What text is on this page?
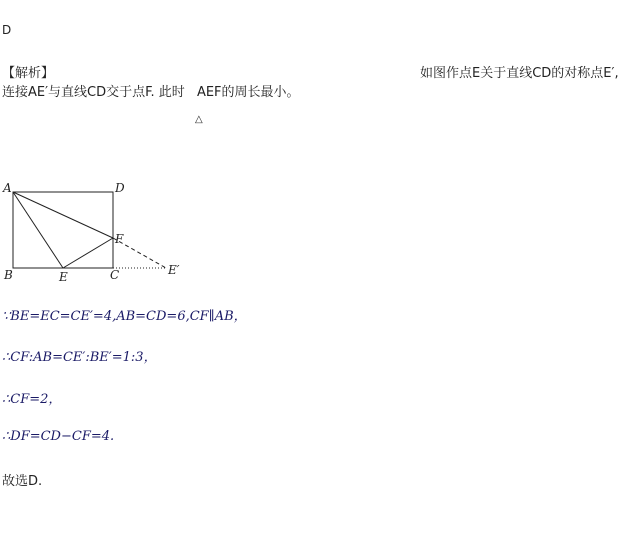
D
【解析】	如图作点E关于直线CD的对称点E′,
连接AE′与直线CD交于点F. 此时 AEF的周长最小。
△
A	D
B	E	C
F
E′
∵BE=EC=CE′=4,AB=CD=6,CF∥AB，
∴CF:AB=CE′:BE′=1:3，
∴CF=2，
∴DF=CD−CF=4.
故选D.
